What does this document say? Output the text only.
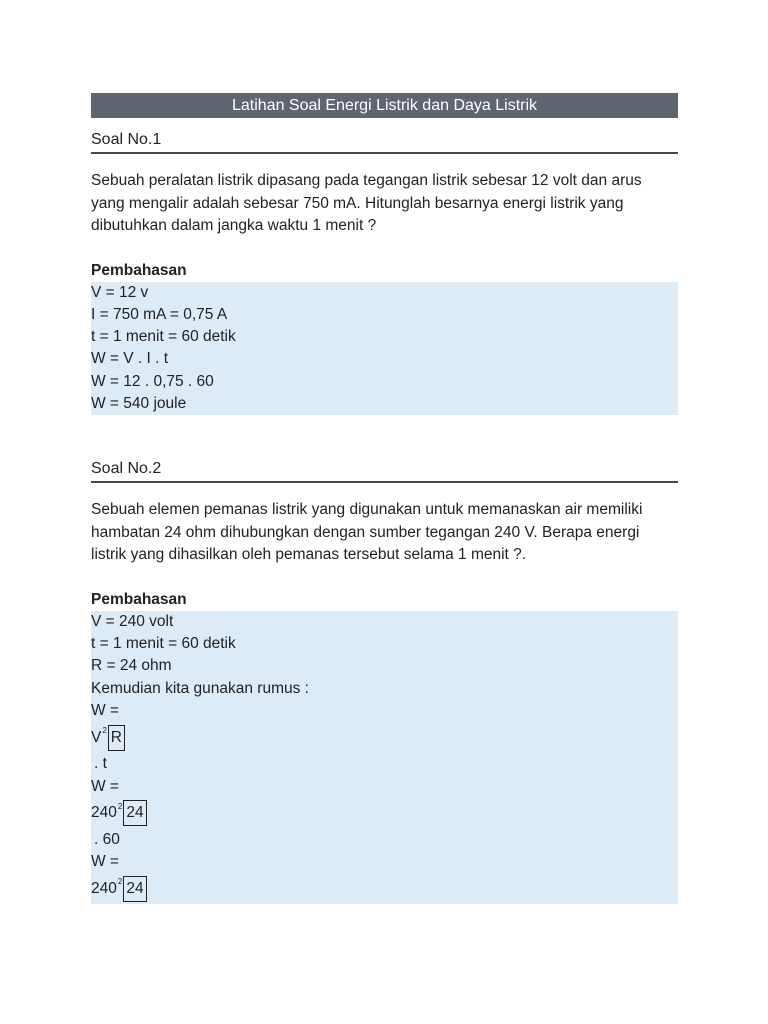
Latihan Soal Energi Listrik dan Daya Listrik
Soal No.1

Sebuah peralatan listrik dipasang pada tegangan listrik sebesar 12 volt dan arus yang mengalir adalah sebesar 750 mA. Hitunglah besarnya energi listrik yang dibutuhkan dalam jangka waktu 1 menit ?

Pembahasan

V = 12 v
I = 750 mA = 0,75 A
t = 1 menit = 60 detik
W = V . I . t
W = 12 . 0,75 . 60
W = 540 joule
Soal No.2

Sebuah elemen pemanas listrik yang digunakan untuk memanaskan air memiliki hambatan 24 ohm dihubungkan dengan sumber tegangan 240 V. Berapa energi listrik yang dihasilkan oleh pemanas tersebut selama 1 menit ?.

Pembahasan

V = 240 volt
t = 1 menit = 60 detik
R = 24 ohm
Kemudian kita gunakan rumus :
W =
V 2 R
. t
W =
240 2 24
. 60
W =
240 2 24
